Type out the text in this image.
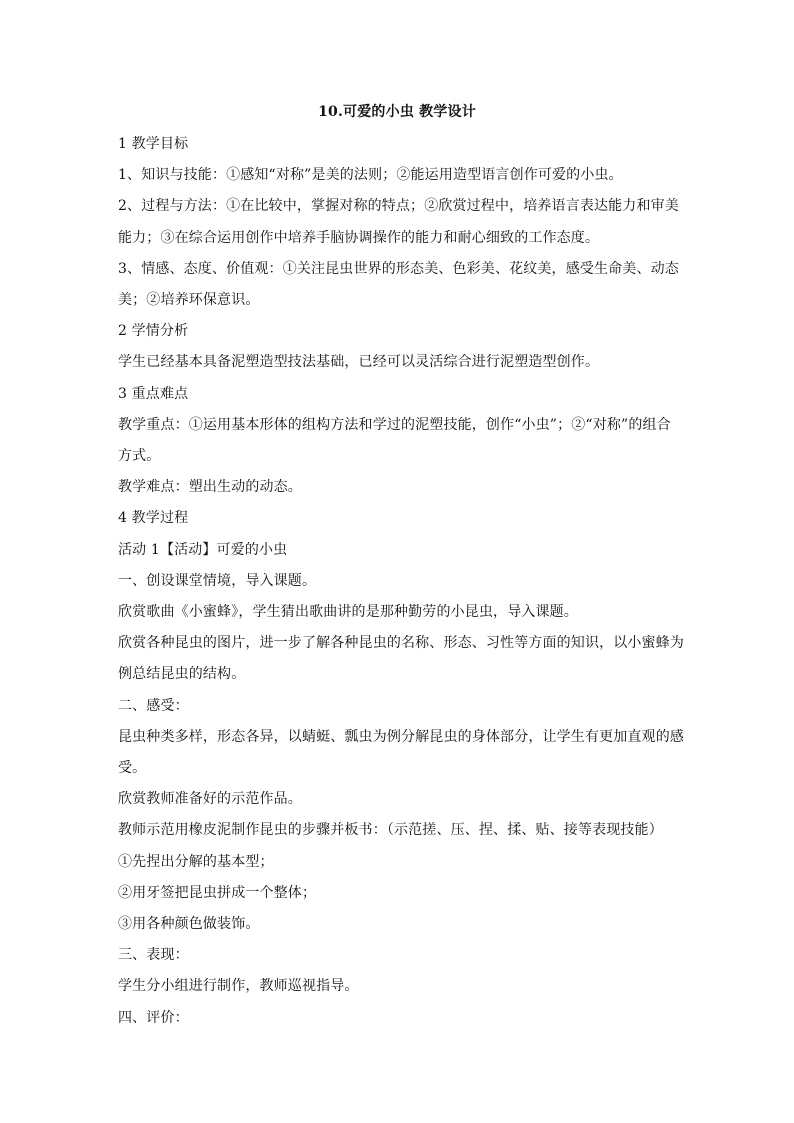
10.可爱的小虫 教学设计
1 教学目标
1、知识与技能：①感知“对称”是美的法则；②能运用造型语言创作可爱的小虫。
2、过程与方法：①在比较中，掌握对称的特点；②欣赏过程中，培养语言表达能力和审美
能力；③在综合运用创作中培养手脑协调操作的能力和耐心细致的工作态度。
3、情感、态度、价值观：①关注昆虫世界的形态美、色彩美、花纹美，感受生命美、动态
美；②培养环保意识。
2 学情分析
学生已经基本具备泥塑造型技法基础，已经可以灵活综合进行泥塑造型创作。
3 重点难点
教学重点：①运用基本形体的组构方法和学过的泥塑技能，创作“小虫”；②“对称”的组合
方式。
教学难点：塑出生动的动态。
4 教学过程
活动 1【活动】可爱的小虫
一、创设课堂情境，导入课题。
欣赏歌曲《小蜜蜂》，学生猜出歌曲讲的是那种勤劳的小昆虫，导入课题。
欣赏各种昆虫的图片，进一步了解各种昆虫的名称、形态、习性等方面的知识，以小蜜蜂为
例总结昆虫的结构。
二、感受：
昆虫种类多样，形态各异，以蜻蜓、瓢虫为例分解昆虫的身体部分，让学生有更加直观的感
受。
欣赏教师准备好的示范作品。
教师示范用橡皮泥制作昆虫的步骤并板书：（示范搓、压、捏、揉、贴、接等表现技能）
①先捏出分解的基本型；
②用牙签把昆虫拼成一个整体；
③用各种颜色做装饰。
三、表现：
学生分小组进行制作，教师巡视指导。
四、评价：
